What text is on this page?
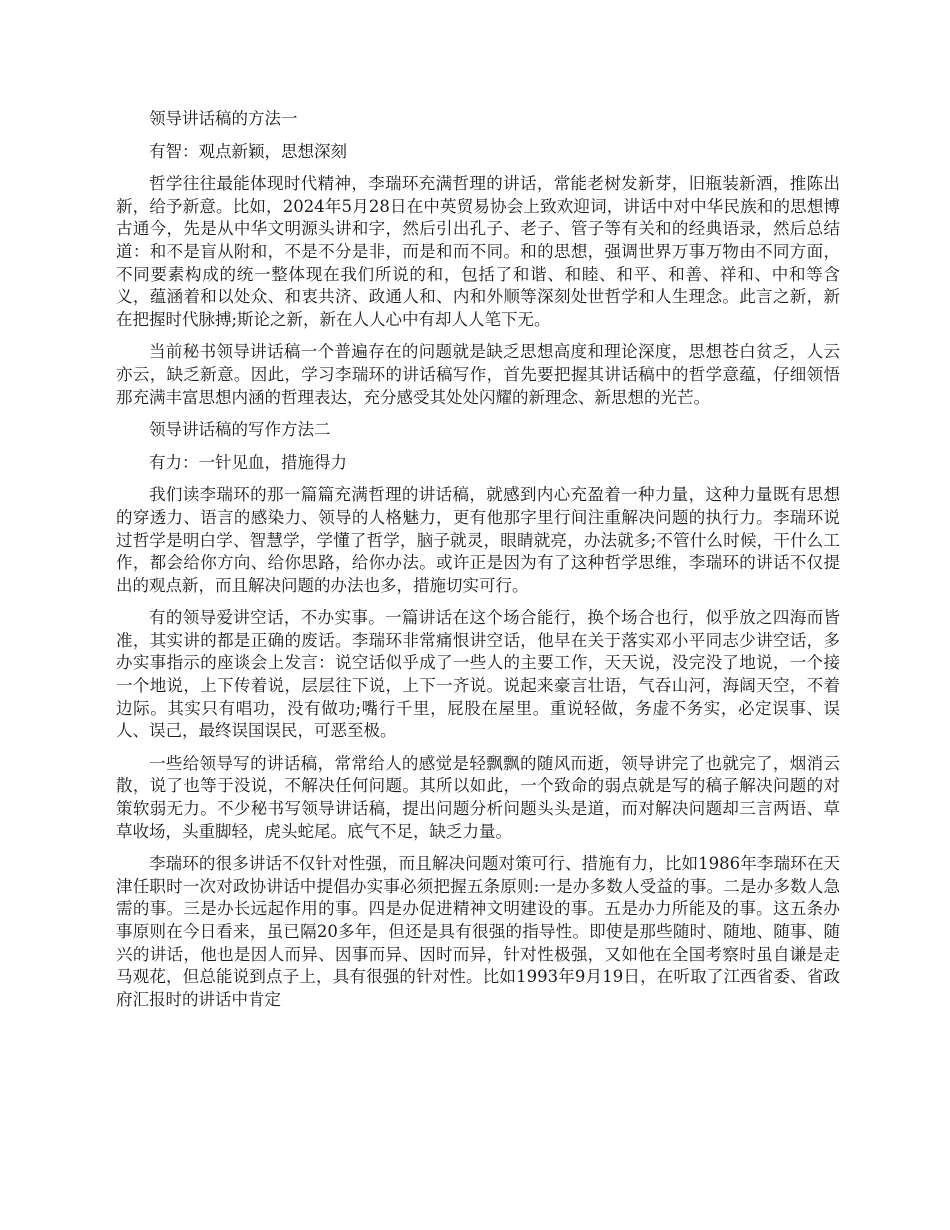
领导讲话稿的方法一

有智：观点新颖，思想深刻

哲学往往最能体现时代精神，李瑞环充满哲理的讲话，常能老树发新芽，旧瓶装新酒，推陈出新，给予新意。比如，2024年5月28日在中英贸易协会上致欢迎词，讲话中对中华民族和的思想博古通今，先是从中华文明源头讲和字，然后引出孔子、老子、管子等有关和的经典语录，然后总结道：和不是盲从附和，不是不分是非，而是和而不同。和的思想，强调世界万事万物由不同方面，不同要素构成的统一整体现在我们所说的和，包括了和谐、和睦、和平、和善、祥和、中和等含义，蕴涵着和以处众、和衷共济、政通人和、内和外顺等深刻处世哲学和人生理念。此言之新，新在把握时代脉搏;斯论之新，新在人人心中有却人人笔下无。

当前秘书领导讲话稿一个普遍存在的问题就是缺乏思想高度和理论深度，思想苍白贫乏，人云亦云，缺乏新意。因此，学习李瑞环的讲话稿写作，首先要把握其讲话稿中的哲学意蕴，仔细领悟那充满丰富思想内涵的哲理表达，充分感受其处处闪耀的新理念、新思想的光芒。

领导讲话稿的写作方法二

有力：一针见血，措施得力

我们读李瑞环的那一篇篇充满哲理的讲话稿，就感到内心充盈着一种力量，这种力量既有思想的穿透力、语言的感染力、领导的人格魅力，更有他那字里行间注重解决问题的执行力。李瑞环说过哲学是明白学、智慧学，学懂了哲学，脑子就灵，眼睛就亮，办法就多;不管什么时候，干什么工作，都会给你方向、给你思路，给你办法。或许正是因为有了这种哲学思维，李瑞环的讲话不仅提出的观点新，而且解决问题的办法也多，措施切实可行。

有的领导爱讲空话，不办实事。一篇讲话在这个场合能行，换个场合也行，似乎放之四海而皆准，其实讲的都是正确的废话。李瑞环非常痛恨讲空话，他早在关于落实邓小平同志少讲空话，多办实事指示的座谈会上发言：说空话似乎成了一些人的主要工作，天天说，没完没了地说，一个接一个地说，上下传着说，层层往下说，上下一齐说。说起来豪言壮语，气吞山河，海阔天空，不着边际。其实只有唱功，没有做功;嘴行千里，屁股在屋里。重说轻做，务虚不务实，必定误事、误人、误己，最终误国误民，可恶至极。

一些给领导写的讲话稿，常常给人的感觉是轻飘飘的随风而逝，领导讲完了也就完了，烟消云散，说了也等于没说，不解决任何问题。其所以如此，一个致命的弱点就是写的稿子解决问题的对策软弱无力。不少秘书写领导讲话稿，提出问题分析问题头头是道，而对解决问题却三言两语、草草收场，头重脚轻，虎头蛇尾。底气不足，缺乏力量。

李瑞环的很多讲话不仅针对性强，而且解决问题对策可行、措施有力，比如1986年李瑞环在天津任职时一次对政协讲话中提倡办实事必须把握五条原则:一是办多数人受益的事。二是办多数人急需的事。三是办长远起作用的事。四是办促进精神文明建设的事。五是办力所能及的事。这五条办事原则在今日看来，虽已隔20多年，但还是具有很强的指导性。即使是那些随时、随地、随事、随兴的讲话，他也是因人而异、因事而异、因时而异，针对性极强，又如他在全国考察时虽自谦是走马观花，但总能说到点子上，具有很强的针对性。比如1993年9月19日，在听取了江西省委、省政府汇报时的讲话中肯定
